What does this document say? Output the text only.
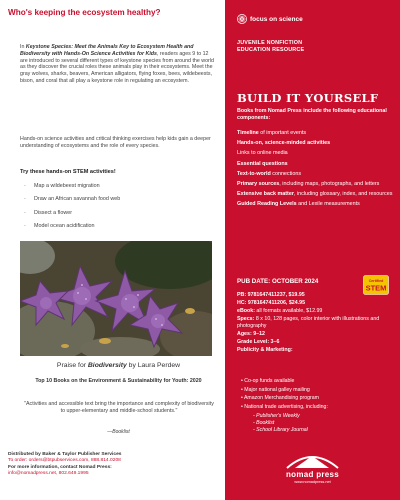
Who's keeping the ecosystem healthy?

In Keystone Species: Meet the Animals Key to Ecosystem Health and Biodiversity with Hands-On Science Activities for Kids, readers ages 9 to 12 are introduced to several different types of keystone species from around the world as they discover the crucial roles these animals play in their ecosystems. Meet the gray wolves, sharks, beavers, American alligators, flying foxes, bees, wildebeests, bison, and coral that all play a keystone role in regulating an ecosystem.

Hands-on science activities and critical thinking exercises help kids gain a deeper understanding of ecosystems and the role of every species.

Try these hands-on STEM activities!
-	Map a wildebeest migration
-	Draw an African savannah food web
-	Dissect a flower
-	Model ocean acidification
Praise for Biodiversity by Laura Perdew
Top 10 Books on the Environment & Sustainability for Youth: 2020
"Activities and accessible text bring the importance and complexity of biodiversity to upper-elementary and middle-school students."
—Booklist
Distributed by Baker & Taylor Publisher Services
To order: orders@btpubservices.com, 888.814.0208
For more information, contact Nomad Press:
info@nomadpress.net, 802.649.1995
focus on science
JUVENILE NONFICTION
EDUCATION RESOURCE
BUILD IT YOURSELF
Books from Nomad Press include the following educational components:
Timeline of important events
Hands-on, science-minded activities
Links to online media
Essential questions
Text-to-world connections
Primary sources, including maps, photographs, and letters
Extensive back matter, including glossary, index, and resources
Guided Reading Levels and Lexile measurements
PUB DATE: OCTOBER 2024	Certified
STEM
PB: 9781647411237, $19.95
HC: 9781647411206, $24.95
eBook: all formats available, $12.99
Specs: 8 x 10, 128 pages, color interior with illustrations and photography
Ages: 9–12
Grade Level: 3–6
Publicity & Marketing:
• Co-op funds available
• Major national galley mailing
• Amazon Merchandising program
• National trade advertising, including:
- Publisher's Weekly
- Booklist
- School Library Journal
nomad press
www.nomadpress.net
